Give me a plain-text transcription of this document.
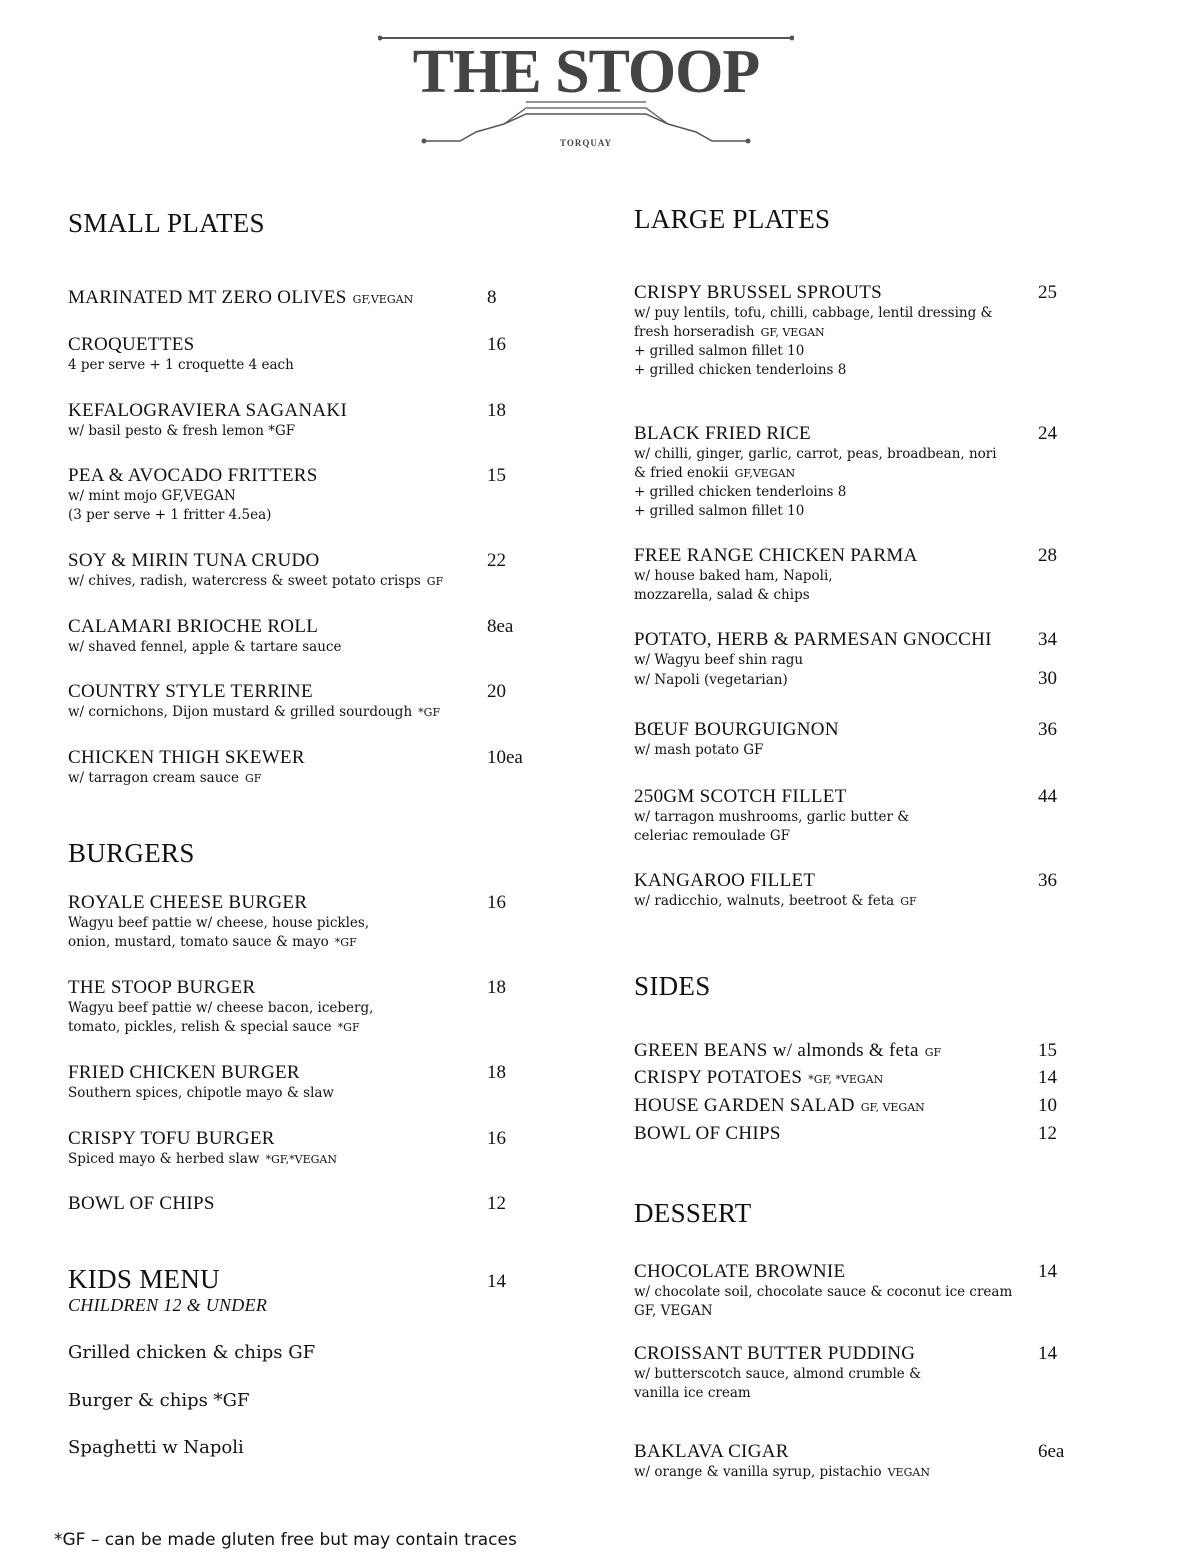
THE STOOP
TORQUAY
SMALL PLATES
MARINATED MT ZERO OLIVES GF,VEGAN	8
CROQUETTES	16
4 per serve + 1 croquette 4 each
KEFALOGRAVIERA SAGANAKI	18
w/ basil pesto & fresh lemon *GF
PEA & AVOCADO FRITTERS	15
w/ mint mojo GF,VEGAN
(3 per serve + 1 fritter 4.5ea)
SOY & MIRIN TUNA CRUDO	22
w/ chives, radish, watercress & sweet potato crisps GF
CALAMARI BRIOCHE ROLL	8ea
w/ shaved fennel, apple & tartare sauce
COUNTRY STYLE TERRINE	20
w/ cornichons, Dijon mustard & grilled sourdough *GF
CHICKEN THIGH SKEWER	10ea
w/ tarragon cream sauce GF
BURGERS
ROYALE CHEESE BURGER	16
Wagyu beef pattie w/ cheese, house pickles,
onion, mustard, tomato sauce & mayo *GF
THE STOOP BURGER	18
Wagyu beef pattie w/ cheese bacon, iceberg,
tomato, pickles, relish & special sauce *GF
FRIED CHICKEN BURGER	18
Southern spices, chipotle mayo & slaw
CRISPY TOFU BURGER	16
Spiced mayo & herbed slaw *GF,*VEGAN
BOWL OF CHIPS	12
KIDS MENU	14
CHILDREN 12 & UNDER
Grilled chicken & chips GF
Burger & chips *GF
Spaghetti w Napoli
LARGE PLATES
CRISPY BRUSSEL SPROUTS	25
w/ puy lentils, tofu, chilli, cabbage, lentil dressing &
fresh horseradish GF, VEGAN
+ grilled salmon fillet 10
+ grilled chicken tenderloins 8
BLACK FRIED RICE	24
w/ chilli, ginger, garlic, carrot, peas, broadbean, nori
& fried enokii GF,VEGAN
+ grilled chicken tenderloins 8
+ grilled salmon fillet 10
FREE RANGE CHICKEN PARMA	28
w/ house baked ham, Napoli,
mozzarella, salad & chips
POTATO, HERB & PARMESAN GNOCCHI	34
w/ Wagyu beef shin ragu
w/ Napoli (vegetarian)	30
BŒUF BOURGUIGNON	36
w/ mash potato GF
250GM SCOTCH FILLET	44
w/ tarragon mushrooms, garlic butter &
celeriac remoulade GF
KANGAROO FILLET	36
w/ radicchio, walnuts, beetroot & feta GF
SIDES
GREEN BEANS w/ almonds & feta GF	15
CRISPY POTATOES *GF, *VEGAN	14
HOUSE GARDEN SALAD GF, VEGAN	10
BOWL OF CHIPS	12
DESSERT
CHOCOLATE BROWNIE	14
w/ chocolate soil, chocolate sauce & coconut ice cream
GF, VEGAN
CROISSANT BUTTER PUDDING	14
w/ butterscotch sauce, almond crumble &
vanilla ice cream
BAKLAVA CIGAR	6ea
w/ orange & vanilla syrup, pistachio VEGAN
*GF – can be made gluten free but may contain traces
